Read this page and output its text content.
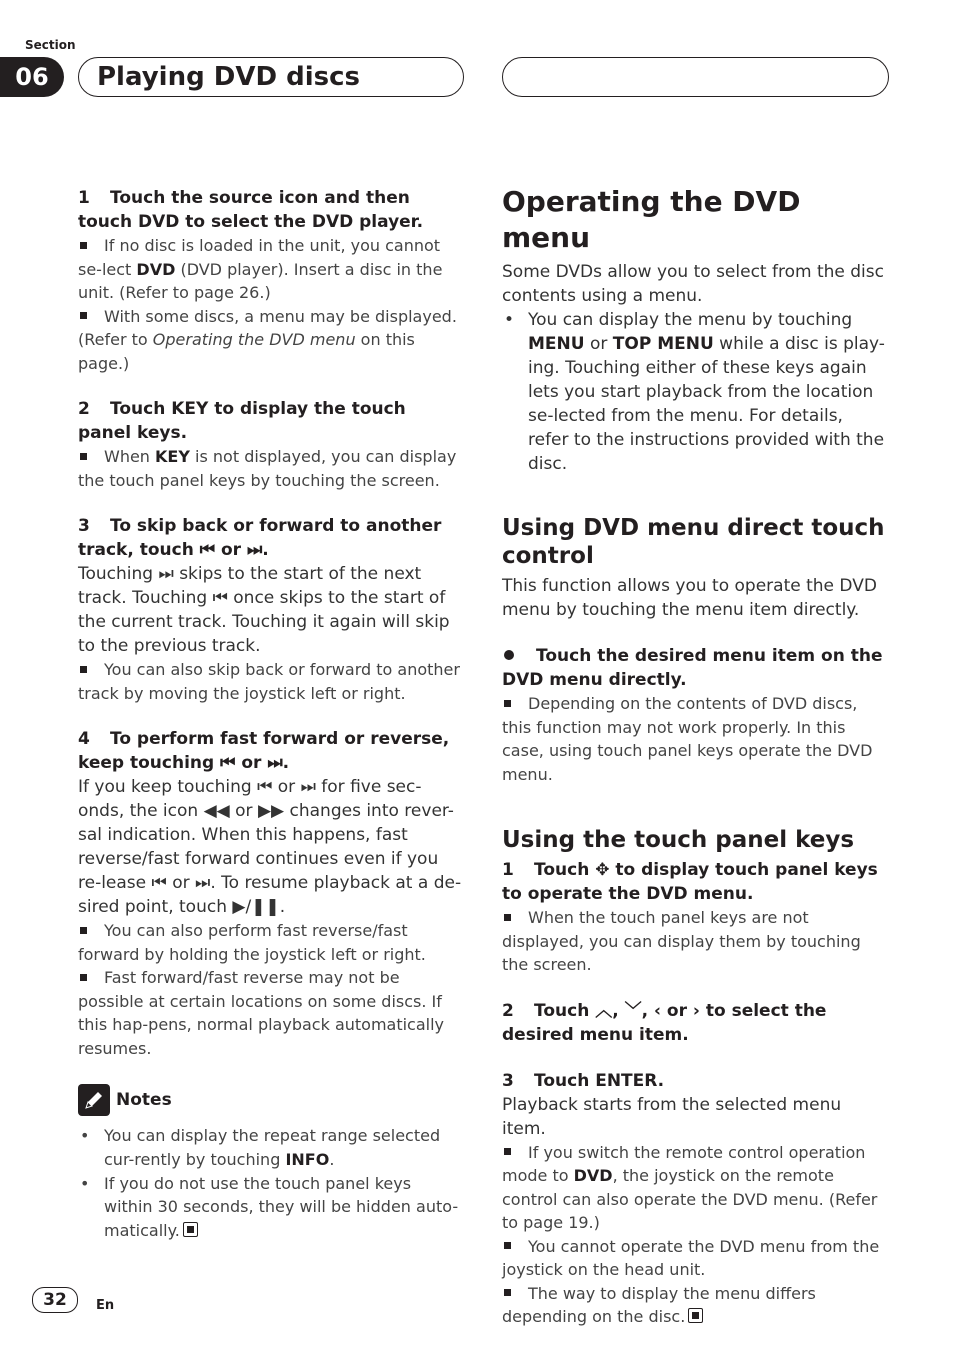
Section
06	Playing DVD discs

1 Touch the source icon and then touch DVD to select the DVD player.

If no disc is loaded in the unit, you cannot se-lect DVD (DVD player). Insert a disc in the unit. (Refer to page 26.)

With some discs, a menu may be displayed. (Refer to Operating the DVD menu on this page.)

2 Touch KEY to display the touch panel keys.

When KEY is not displayed, you can display the touch panel keys by touching the screen.

3 To skip back or forward to another track, touch ⏮ or ⏭.

Touching ⏭ skips to the start of the next track. Touching ⏮ once skips to the start of the current track. Touching it again will skip to the previous track.

You can also skip back or forward to another track by moving the joystick left or right.

4 To perform fast forward or reverse, keep touching ⏮ or ⏭.

If you keep touching ⏮ or ⏭ for five sec-onds, the icon ◀◀ or ▶▶ changes into rever-sal indication. When this happens, fast reverse/fast forward continues even if you re-lease ⏮ or ⏭. To resume playback at a de-sired point, touch ▶/❚❚.

You can also perform fast reverse/fast forward by holding the joystick left or right.

Fast forward/fast reverse may not be possible at certain locations on some discs. If this hap-pens, normal playback automatically resumes.

Notes

• You can display the repeat range selected cur-rently by touching INFO.

• If you do not use the touch panel keys within 30 seconds, they will be hidden auto-matically.

Operating the DVD menu

Some DVDs allow you to select from the disc contents using a menu.

• You can display the menu by touching MENU or TOP MENU while a disc is play-ing. Touching either of these keys again lets you start playback from the location se-lected from the menu. For details, refer to the instructions provided with the disc.

Using DVD menu direct touch control

This function allows you to operate the DVD menu by touching the menu item directly.

Touch the desired menu item on the DVD menu directly.

Depending on the contents of DVD discs, this function may not work properly. In this case, using touch panel keys operate the DVD menu.

Using the touch panel keys

1 Touch ✥ to display touch panel keys to operate the DVD menu.

When the touch panel keys are not displayed, you can display them by touching the screen.

2 Touch ︿, ﹀, ‹ or › to select the desired menu item.

3 Touch ENTER.

Playback starts from the selected menu item.

If you switch the remote control operation mode to DVD, the joystick on the remote control can also operate the DVD menu. (Refer to page 19.)

You cannot operate the DVD menu from the joystick on the head unit.

The way to display the menu differs depending on the disc.

32	En
